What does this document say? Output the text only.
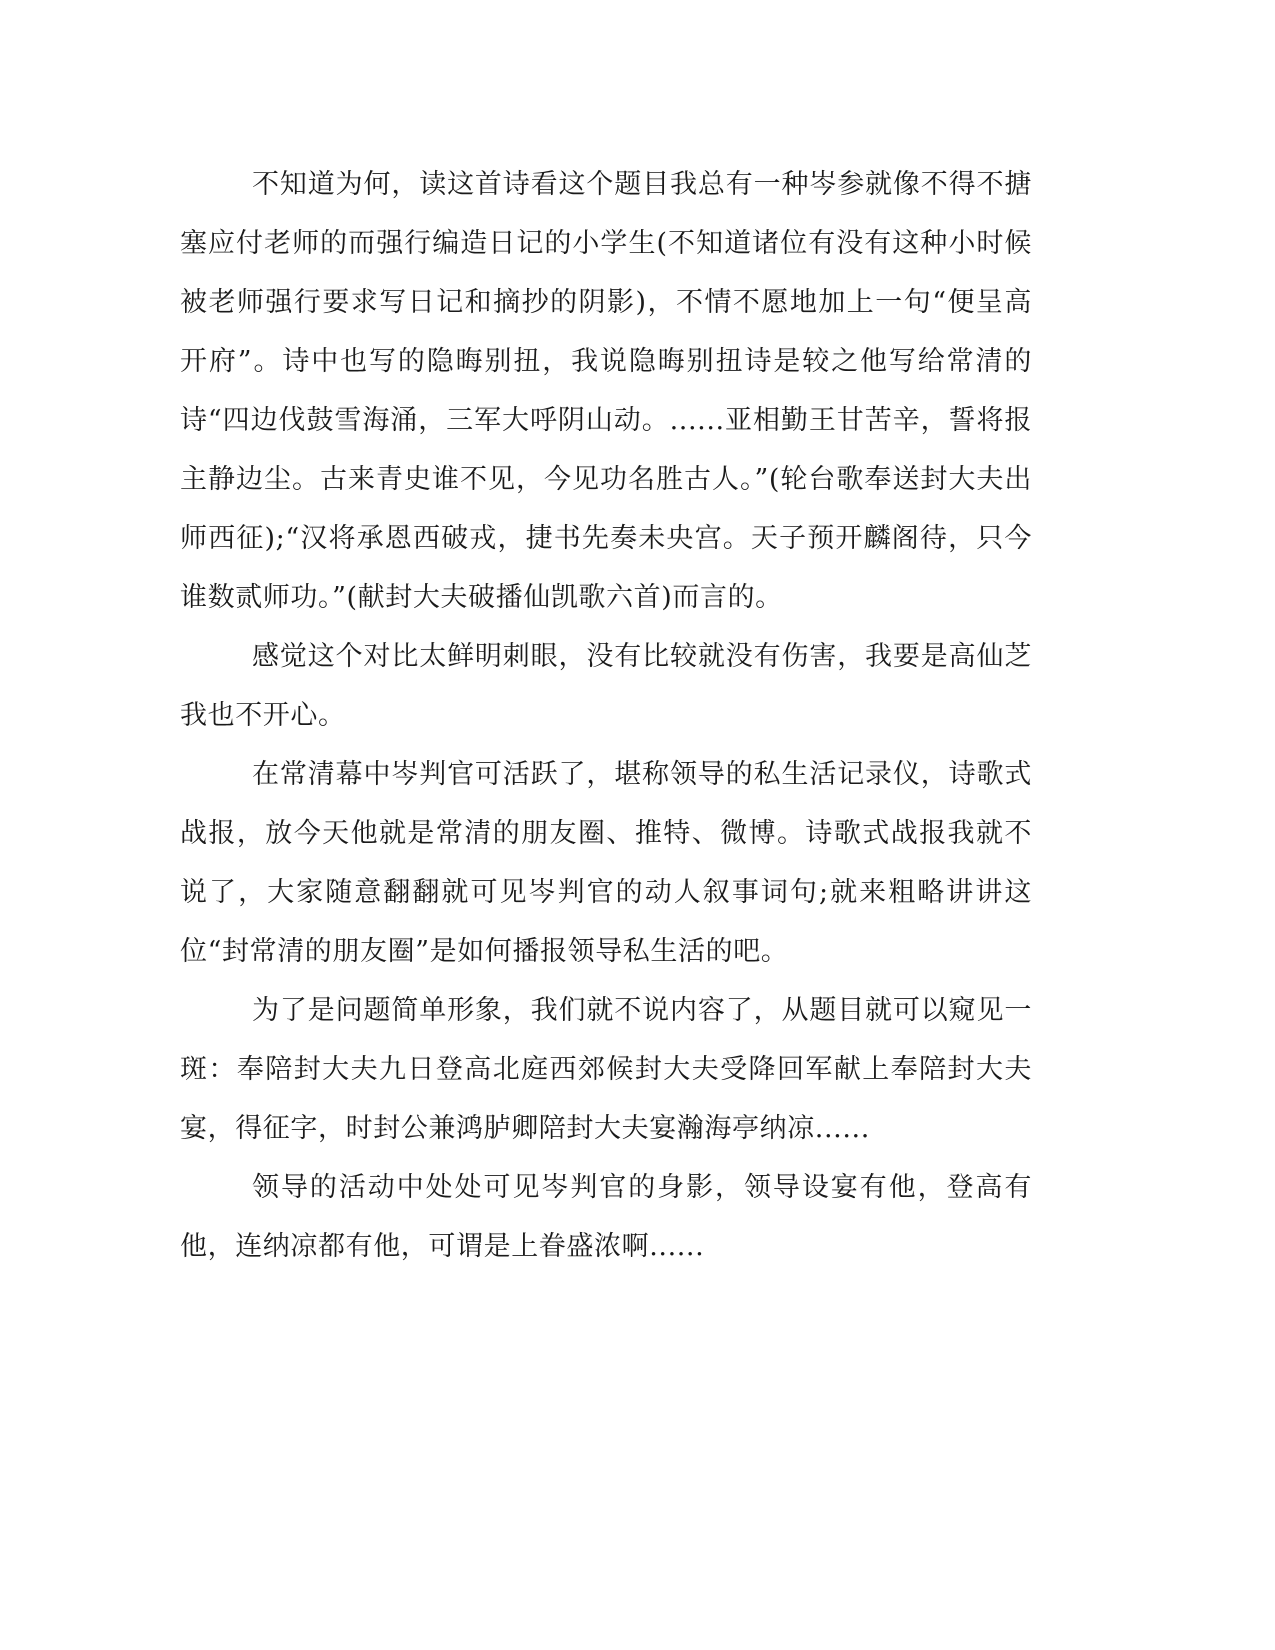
不知道为何，读这首诗看这个题目我总有一种岑参就像不得不搪塞应付老师的而强行编造日记的小学生(不知道诸位有没有这种小时候被老师强行要求写日记和摘抄的阴影)，不情不愿地加上一句“便呈高开府”。诗中也写的隐晦别扭，我说隐晦别扭诗是较之他写给常清的诗“四边伐鼓雪海涌，三军大呼阴山动。......亚相勤王甘苦辛，誓将报主静边尘。古来青史谁不见，今见功名胜古人。”(轮台歌奉送封大夫出师西征);“汉将承恩西破戎，捷书先奏未央宫。天子预开麟阁待，只今谁数贰师功。”(献封大夫破播仙凯歌六首)而言的。

感觉这个对比太鲜明刺眼，没有比较就没有伤害，我要是高仙芝我也不开心。

在常清幕中岑判官可活跃了，堪称领导的私生活记录仪，诗歌式战报，放今天他就是常清的朋友圈、推特、微博。诗歌式战报我就不说了，大家随意翻翻就可见岑判官的动人叙事词句;就来粗略讲讲这位“封常清的朋友圈”是如何播报领导私生活的吧。

为了是问题简单形象，我们就不说内容了，从题目就可以窥见一斑：奉陪封大夫九日登高北庭西郊候封大夫受降回军献上奉陪封大夫宴，得征字，时封公兼鸿胪卿陪封大夫宴瀚海亭纳凉......

领导的活动中处处可见岑判官的身影，领导设宴有他，登高有他，连纳凉都有他，可谓是上眷盛浓啊......
